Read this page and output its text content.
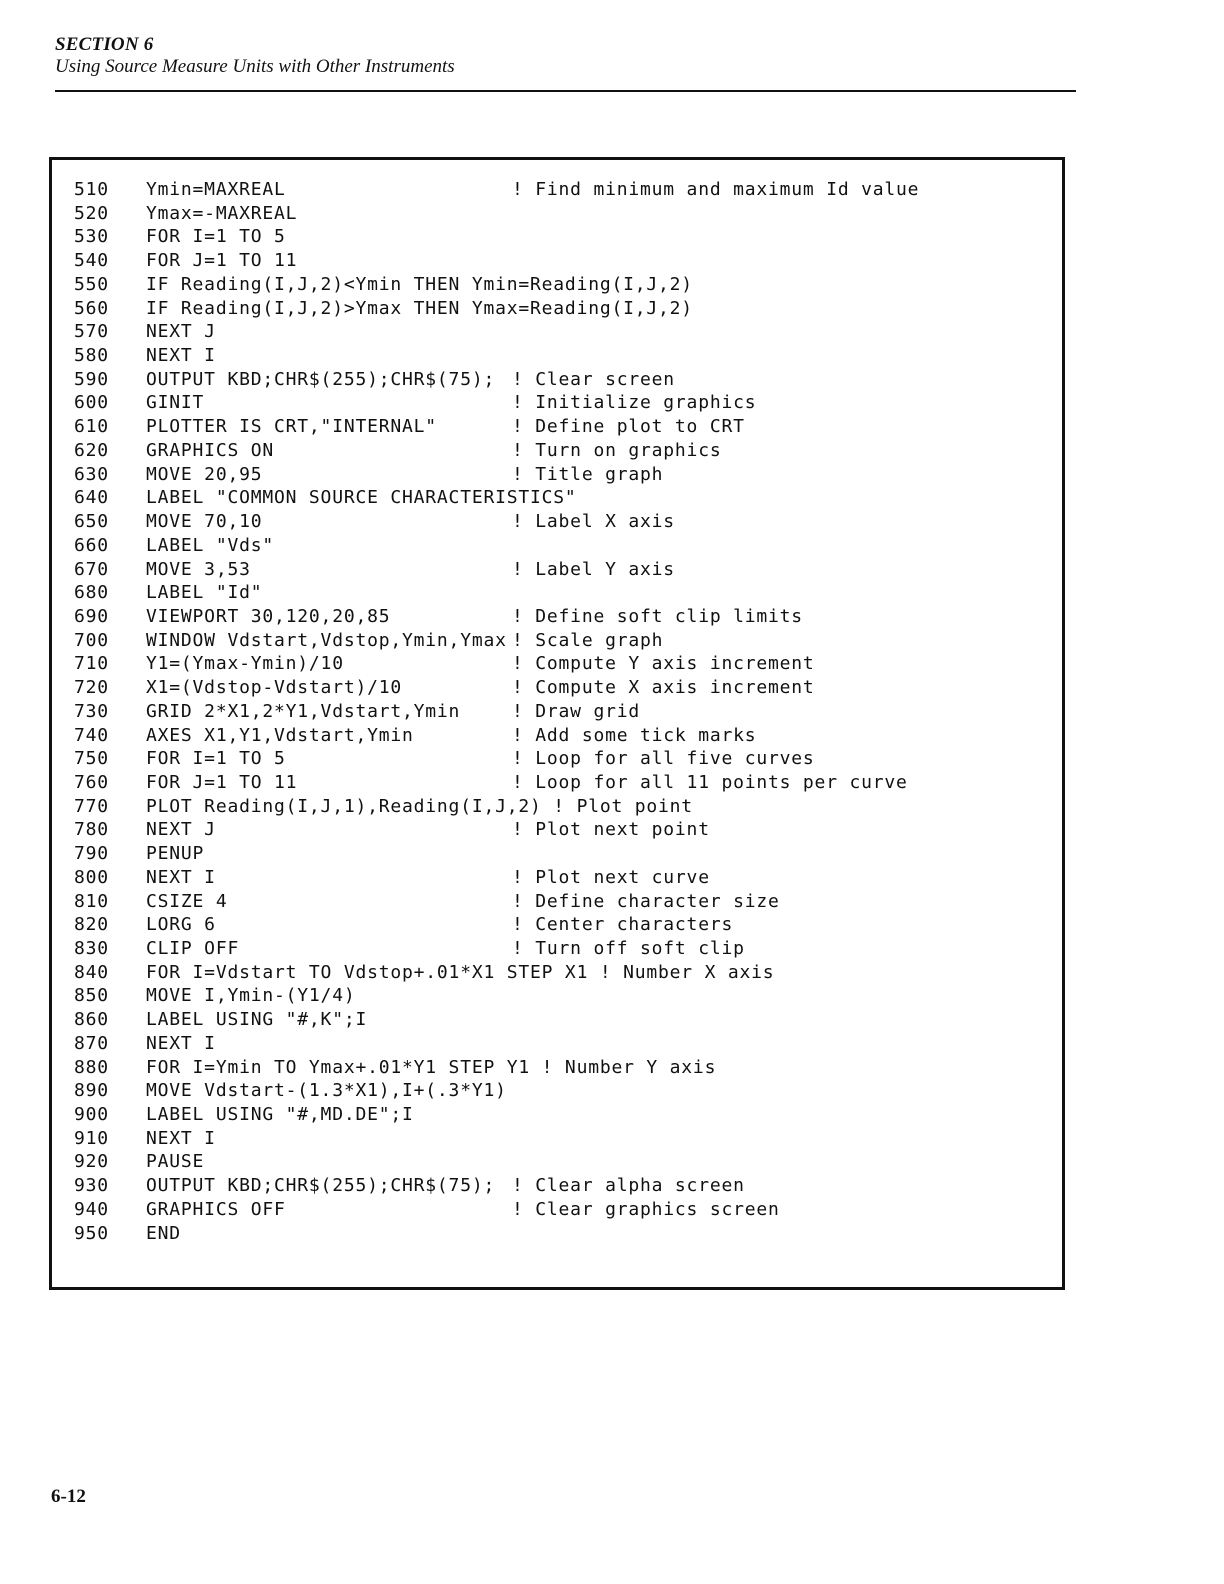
SECTION 6
Using Source Measure Units with Other Instruments
510	Ymin=MAXREAL	! Find minimum and maximum Id value
520	Ymax=-MAXREAL
530	FOR I=1 TO 5
540	FOR J=1 TO 11
550	IF Reading(I,J,2)<Ymin THEN Ymin=Reading(I,J,2)
560	IF Reading(I,J,2)>Ymax THEN Ymax=Reading(I,J,2)
570	NEXT J
580	NEXT I
590	OUTPUT KBD;CHR$(255);CHR$(75); ! Clear screen
600	GINIT	! Initialize graphics
610	PLOTTER IS CRT,"INTERNAL"	! Define plot to CRT
620	GRAPHICS ON	! Turn on graphics
630	MOVE 20,95	! Title graph
640	LABEL "COMMON SOURCE CHARACTERISTICS"
650	MOVE 70,10	! Label X axis
660	LABEL "Vds"
670	MOVE 3,53	! Label Y axis
680	LABEL "Id"
690	VIEWPORT 30,120,20,85	! Define soft clip limits
700	WINDOW Vdstart,Vdstop,Ymin,Ymax ! Scale graph
710	Y1=(Ymax-Ymin)/10	! Compute Y axis increment
720	X1=(Vdstop-Vdstart)/10	! Compute X axis increment
730	GRID 2*X1,2*Y1,Vdstart,Ymin	! Draw grid
740	AXES X1,Y1,Vdstart,Ymin	! Add some tick marks
750	FOR I=1 TO 5	! Loop for all five curves
760	FOR J=1 TO 11	! Loop for all 11 points per curve
770	PLOT Reading(I,J,1),Reading(I,J,2) ! Plot point
780	NEXT J	! Plot next point
790	PENUP
800	NEXT I	! Plot next curve
810	CSIZE 4	! Define character size
820	LORG 6	! Center characters
830	CLIP OFF	! Turn off soft clip
840	FOR I=Vdstart TO Vdstop+.01*X1 STEP X1 ! Number X axis
850	MOVE I,Ymin-(Y1/4)
860	LABEL USING "#,K";I
870	NEXT I
880	FOR I=Ymin TO Ymax+.01*Y1 STEP Y1 ! Number Y axis
890	MOVE Vdstart-(1.3*X1),I+(.3*Y1)
900	LABEL USING "#,MD.DE";I
910	NEXT I
920	PAUSE
930	OUTPUT KBD;CHR$(255);CHR$(75); ! Clear alpha screen
940	GRAPHICS OFF	! Clear graphics screen
950	END
6-12
